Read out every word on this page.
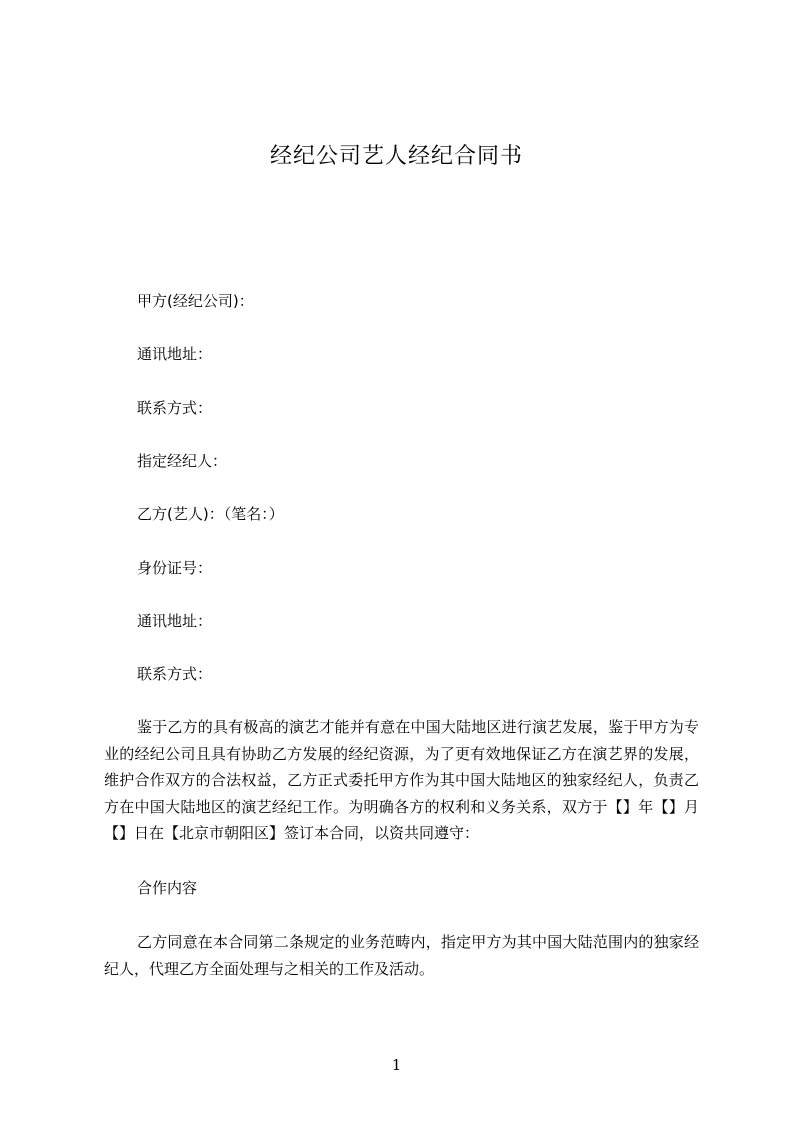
经纪公司艺人经纪合同书
甲方(经纪公司)：
通讯地址：
联系方式：
指定经纪人：
乙方(艺人)：（笔名：）
身份证号：
通讯地址：
联系方式：
鉴于乙方的具有极高的演艺才能并有意在中国大陆地区进行演艺发展，鉴于甲方为专业的经纪公司且具有协助乙方发展的经纪资源，为了更有效地保证乙方在演艺界的发展，维护合作双方的合法权益，乙方正式委托甲方作为其中国大陆地区的独家经纪人，负责乙方在中国大陆地区的演艺经纪工作。为明确各方的权利和义务关系，双方于【】年【】月【】日在【北京市朝阳区】签订本合同，以资共同遵守：
合作内容
乙方同意在本合同第二条规定的业务范畴内，指定甲方为其中国大陆范围内的独家经纪人，代理乙方全面处理与之相关的工作及活动。
1
